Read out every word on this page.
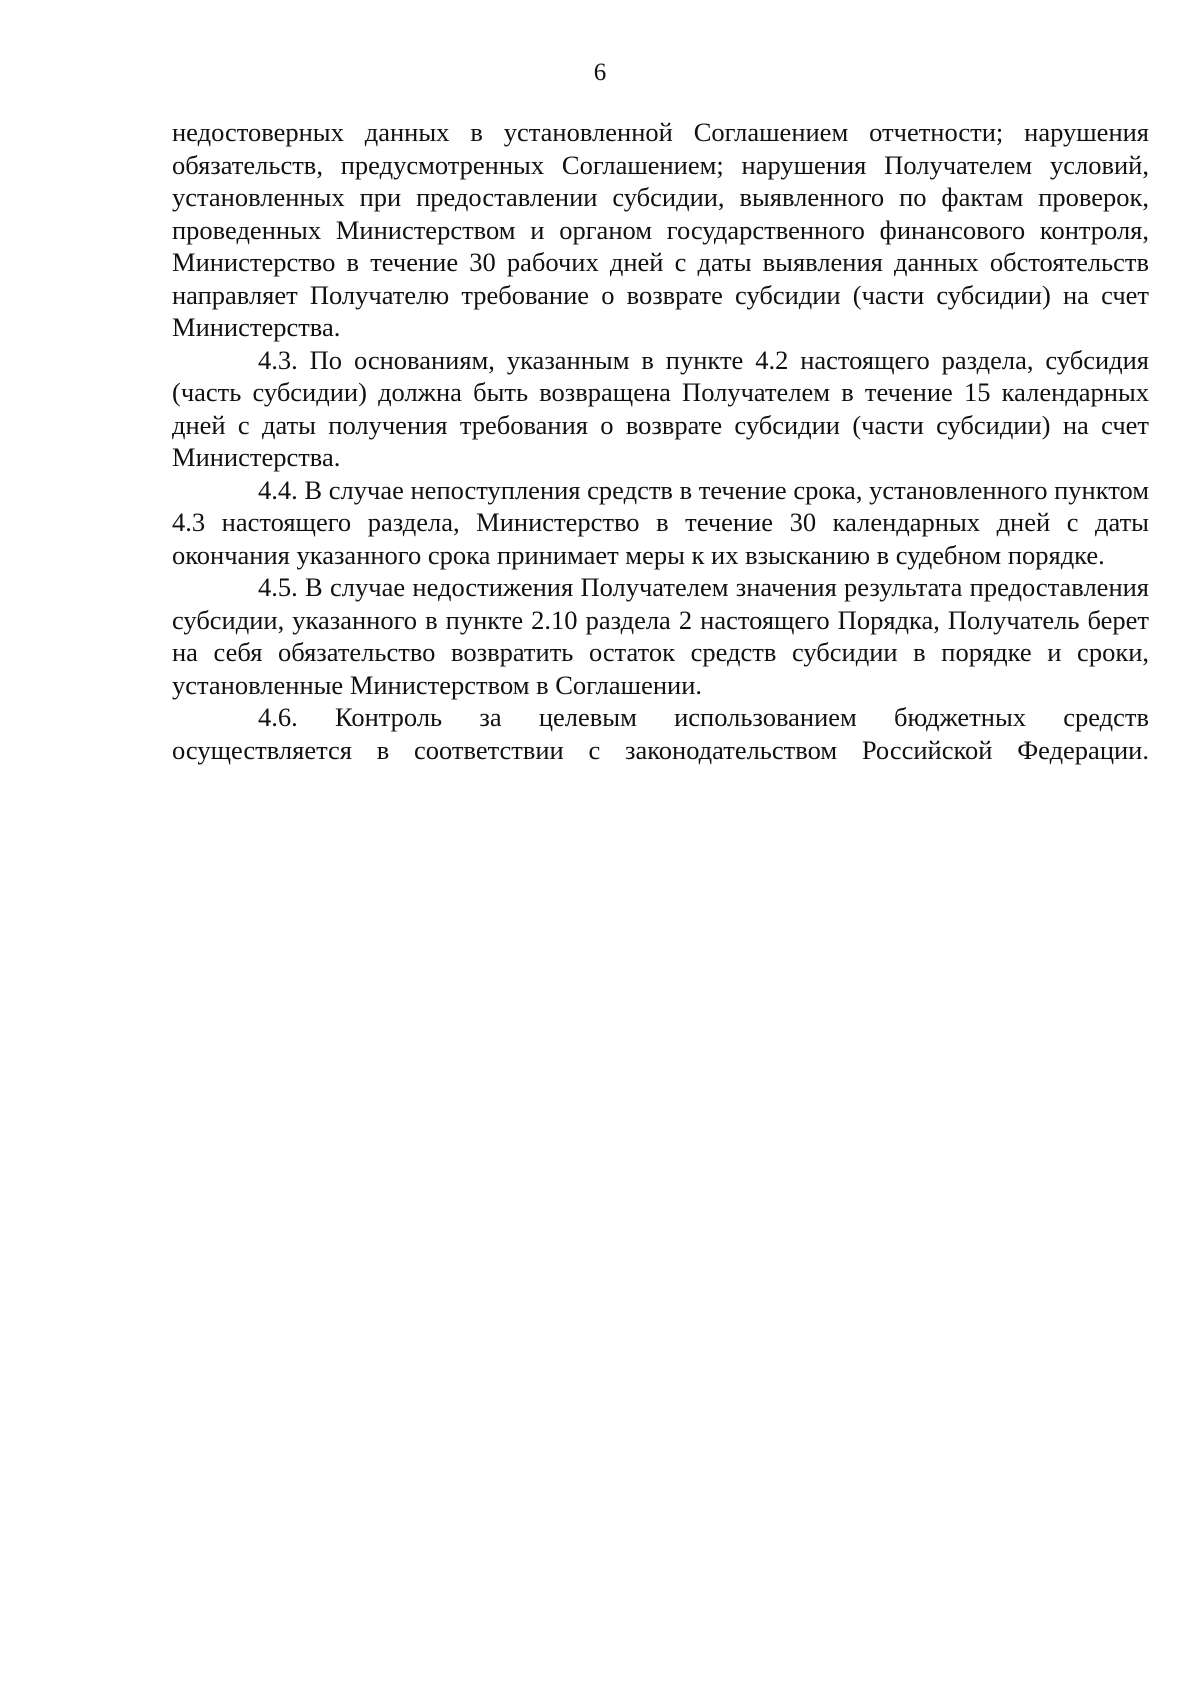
6

недостоверных данных в установленной Соглашением отчетности; нарушения обязательств, предусмотренных Соглашением; нарушения Получателем условий, установленных при предоставлении субсидии, выявленного по фактам проверок, проведенных Министерством и органом государственного финансового контроля, Министерство в течение 30 рабочих дней с даты выявления данных обстоятельств направляет Получателю требование о возврате субсидии (части субсидии) на счет Министерства.

4.3. По основаниям, указанным в пункте 4.2 настоящего раздела, субсидия (часть субсидии) должна быть возвращена Получателем в течение 15 календарных дней с даты получения требования о возврате субсидии (части субсидии) на счет Министерства.

4.4. В случае непоступления средств в течение срока, установленного пунктом 4.3 настоящего раздела, Министерство в течение 30 календарных дней с даты окончания указанного срока принимает меры к их взысканию в судебном порядке.

4.5. В случае недостижения Получателем значения результата предоставления субсидии, указанного в пункте 2.10 раздела 2 настоящего Порядка, Получатель берет на себя обязательство возвратить остаток средств субсидии в порядке и сроки, установленные Министерством в Соглашении.

4.6. Контроль за целевым использованием бюджетных средств осуществляется в соответствии с законодательством Российской Федерации.
